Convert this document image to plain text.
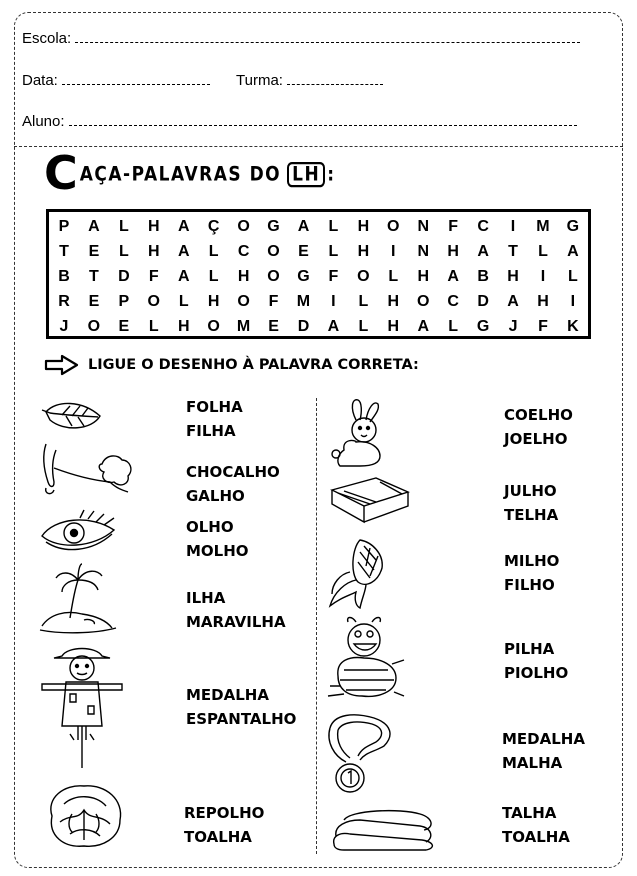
Escola:
Data:	Turma:
Aluno:
C AÇA-PALAVRAS DO LH :
P	A	L	H	A	Ç	O	G	A	L	H	O	N	F	C	I	M	G
T	E	L	H	A	L	C	O	E	L	H	I	N	H	A	T	L	A
B	T	D	F	A	L	H	O	G	F	O	L	H	A	B	H	I	L
R	E	P	O	L	H	O	F	M	I	L	H	O	C	D	A	H	I
J	O	E	L	H	O	M	E	D	A	L	H	A	L	G	J	F	K
LIGUE O DESENHO À PALAVRA CORRETA:
FOLHA
FILHA
CHOCALHO
GALHO
OLHO
MOLHO
ILHA
MARAVILHA
MEDALHA
ESPANTALHO
REPOLHO
TOALHA
COELHO
JOELHO
JULHO
TELHA
MILHO
FILHO
PILHA
PIOLHO
MEDALHA
MALHA
TALHA
TOALHA
